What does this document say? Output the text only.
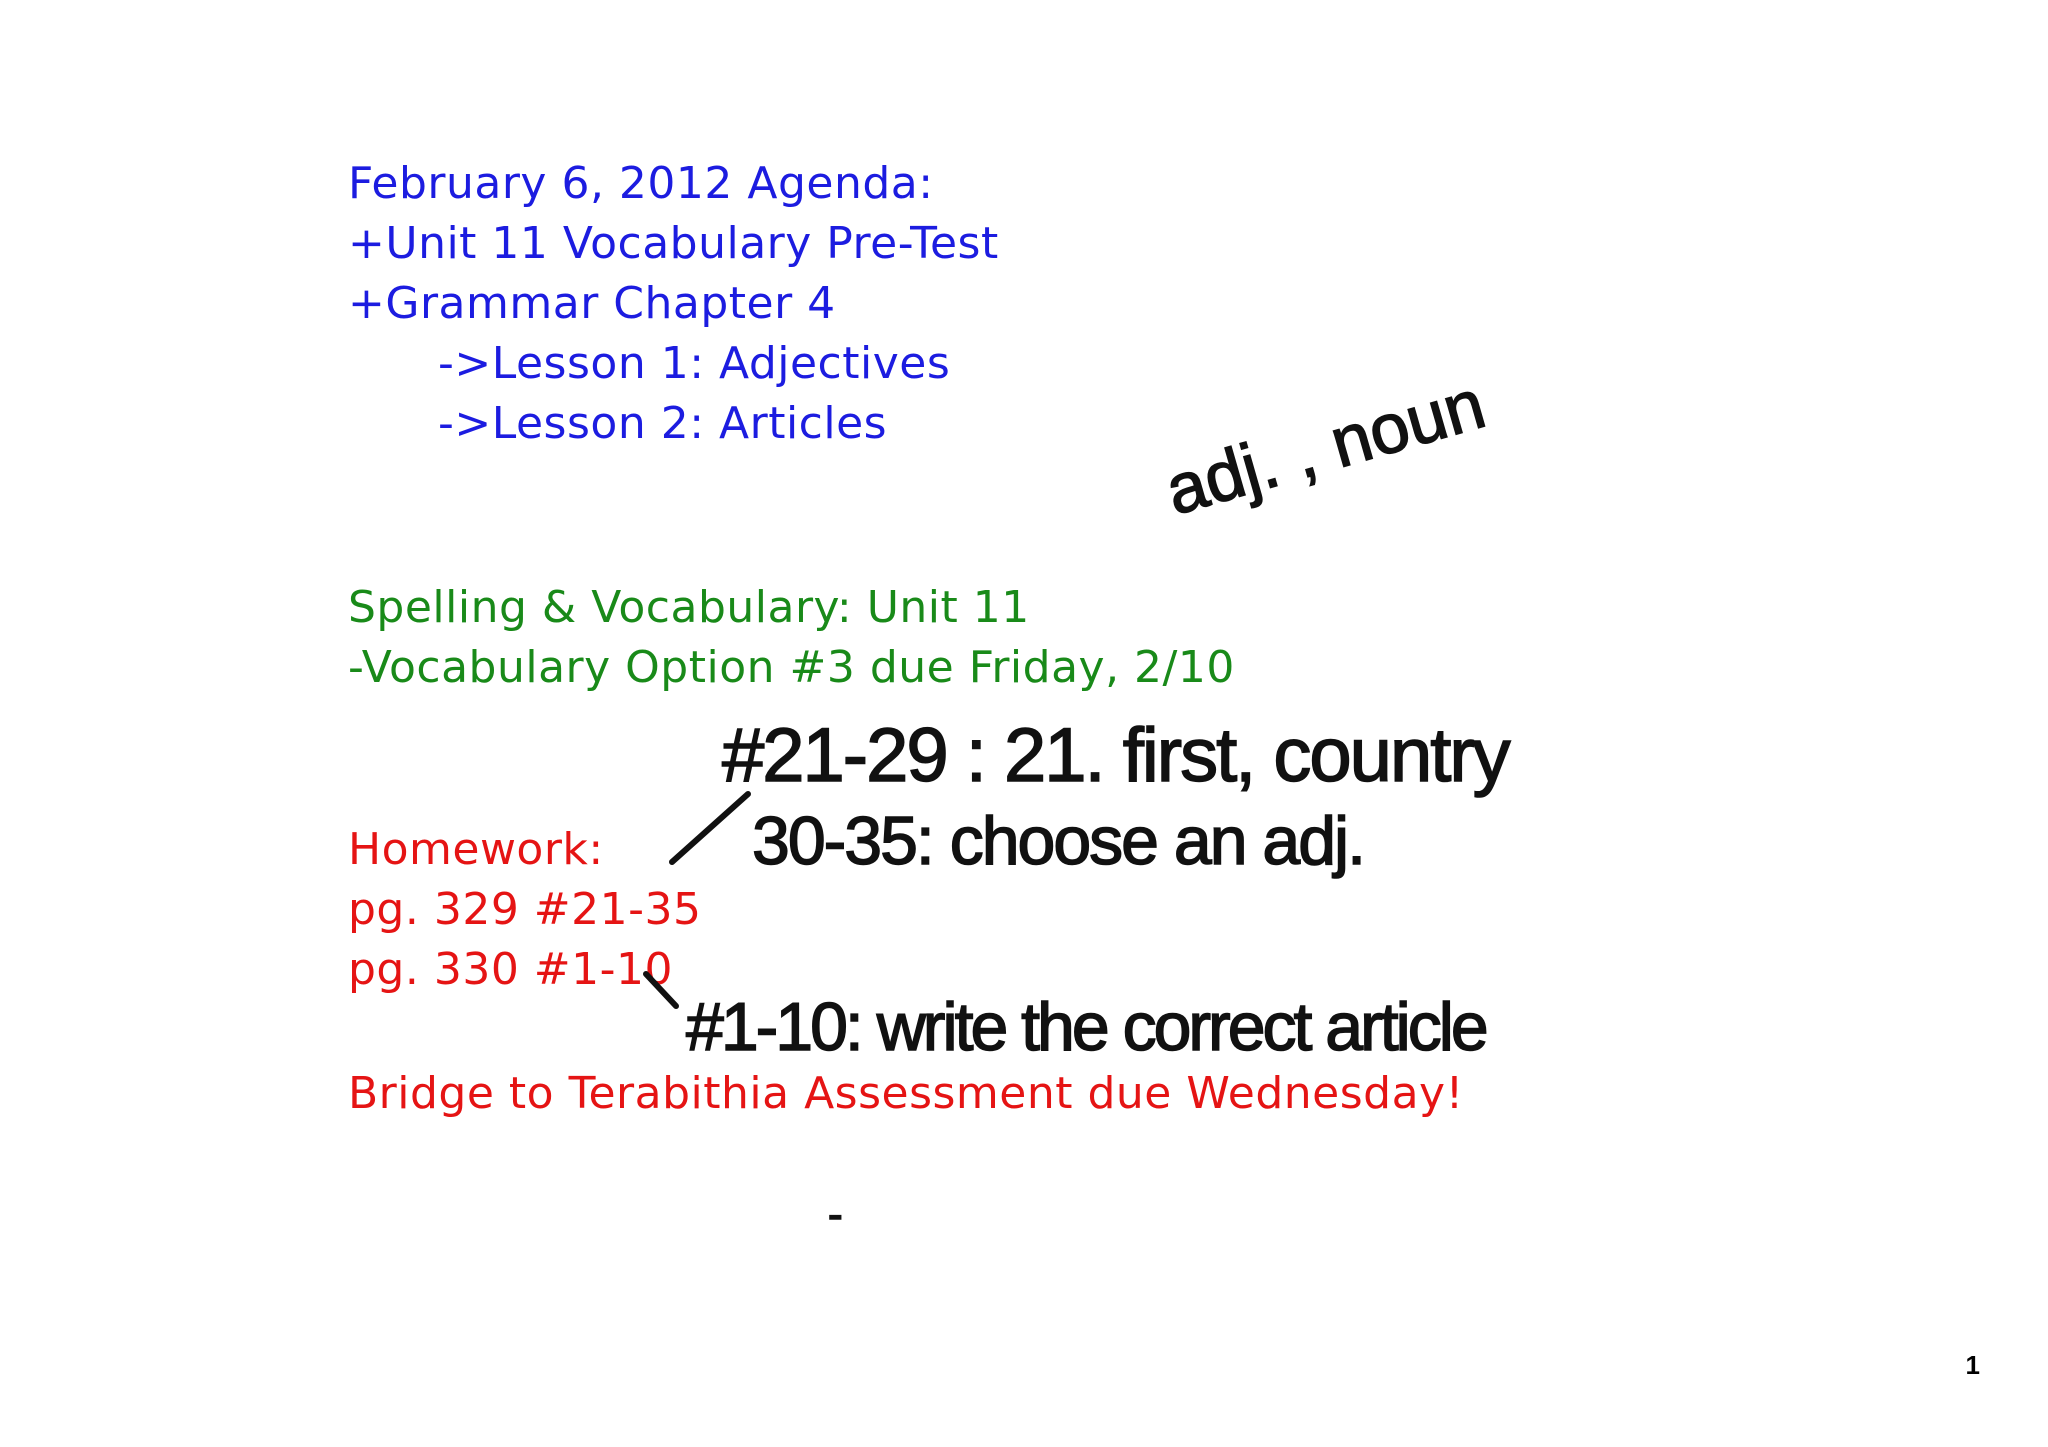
February 6, 2012 Agenda:
+Unit 11 Vocabulary Pre-Test
+Grammar Chapter 4
->Lesson 1: Adjectives
->Lesson 2: Articles
Spelling & Vocabulary: Unit 11
-Vocabulary Option #3 due Friday, 2/10
Homework:
pg. 329 #21-35
pg. 330 #1-10
Bridge to Terabithia Assessment due Wednesday!
adj. , noun
#21-29 : 21. first, country
30-35: choose an adj.
#1-10: write the correct article
-
1
